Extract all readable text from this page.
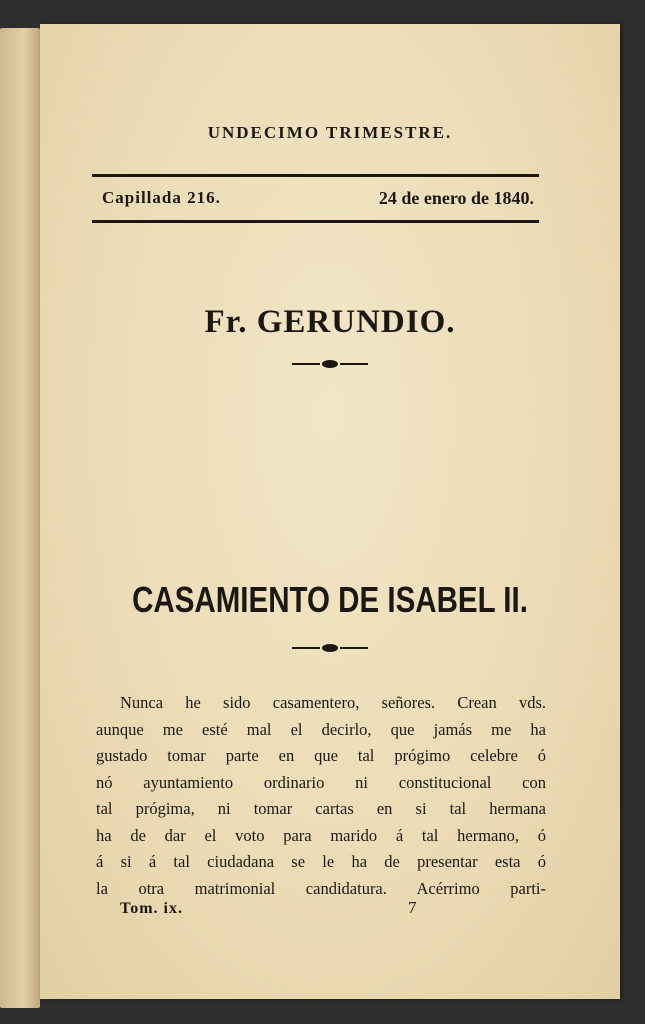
UNDECIMO TRIMESTRE.
Capillada 216.	24 de enero de 1840.
Fr. GERUNDIO.
CASAMIENTO DE ISABEL II.
Nunca he sido casamentero, señores. Crean vds.
aunque me esté mal el decirlo, que jamás me ha
gustado tomar parte en que tal prógimo celebre ó
nó ayuntamiento ordinario ni constitucional con
tal prógima, ni tomar cartas en si tal hermana
ha de dar el voto para marido á tal hermano, ó
á si á tal ciudadana se le ha de presentar esta ó
la otra matrimonial candidatura. Acérrimo parti-
Tom. ix.	7
